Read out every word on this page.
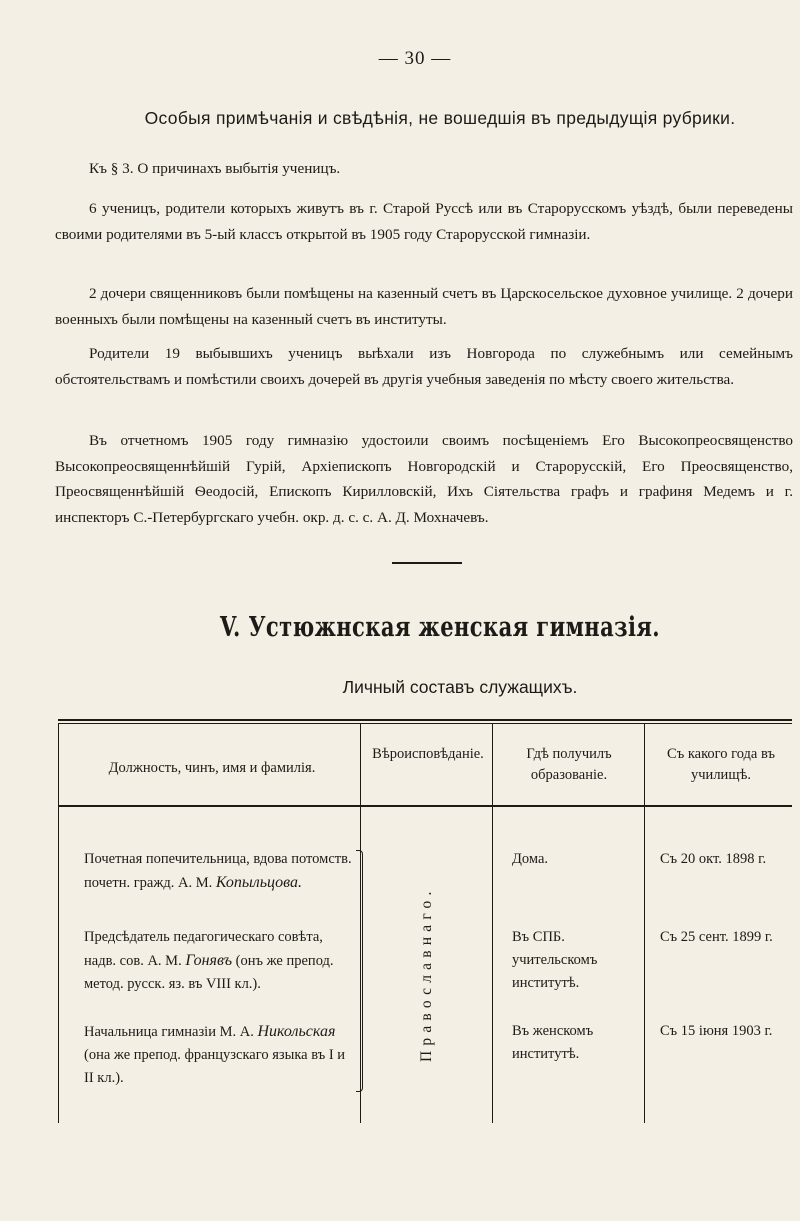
— 30 —
Особыя примѣчанія и свѣдѣнія, не вошедшія въ предыдущія рубрики.
Къ § 3. О причинахъ выбытія ученицъ.
6 ученицъ, родители которыхъ живутъ въ г. Старой Руссѣ или въ Старорусскомъ уѣздѣ, были переведены своими родителями въ 5-ый классъ открытой въ 1905 году Старорусской гимназіи.
2 дочери священниковъ были помѣщены на казенный счетъ въ Царскосельское духовное училище. 2 дочери военныхъ были помѣщены на казенный счетъ въ институты.
Родители 19 выбывшихъ ученицъ выѣхали изъ Новгорода по служебнымъ или семейнымъ обстоятельствамъ и помѣстили своихъ дочерей въ другія учебныя заведенія по мѣсту своего жительства.
Въ отчетномъ 1905 году гимназію удостоили своимъ посѣщеніемъ Его Высокопреосвященство Высокопреосвященнѣйшій Гурій, Архіепископъ Новгородскій и Старорусскій, Его Преосвященство, Преосвященнѣйшій Ѳеодосій, Епископъ Кирилловскій, Ихъ Сіятельства графъ и графиня Медемъ и г. инспекторъ С.-Петербургскаго учебн. окр. д. с. с. А. Д. Мохначевъ.
V. Устюжнская женская гимназія.
Личный составъ служащихъ.
Должность, чинъ, имя и фамилія.
Вѣроисповѣданіе.	Гдѣ получилъ образованіе.
Съ какого года въ училищѣ.
Почетная попечительница, вдова потомств. почетн. гражд. А. М. Копыльцова.
Православнаго.
Дома.	Съ 20 окт. 1898 г.
Предсѣдатель педагогическаго совѣта, надв. сов. А. М. Гонявъ (онъ же препод. метод. русск. яз. въ VIII кл.).
Въ СПБ. учительскомъ институтѣ.
Съ 25 сент. 1899 г.
Начальница гимназіи М. А. Никольская (она же препод. французскаго языка въ I и II кл.).
Въ женскомъ институтѣ.
Съ 15 іюня 1903 г.
